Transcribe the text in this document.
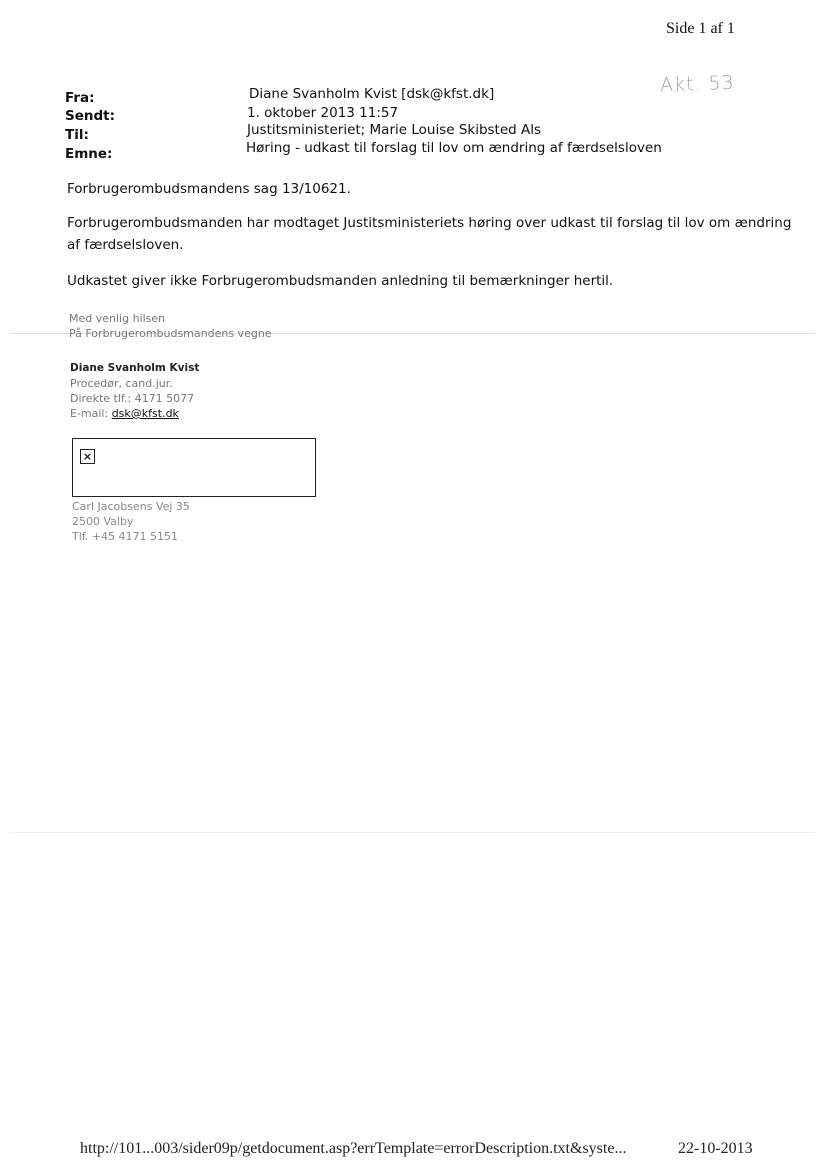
Side 1 af 1
Akt. 53
Fra:	Diane Svanholm Kvist [dsk@kfst.dk]
Sendt:	1. oktober 2013 11:57
Til:	Justitsministeriet; Marie Louise Skibsted Als
Emne:	Høring - udkast til forslag til lov om ændring af færdselsloven
Forbrugerombudsmandens sag 13/10621.
Forbrugerombudsmanden har modtaget Justitsministeriets høring over udkast til forslag til lov om ændring
af færdselsloven.
Udkastet giver ikke Forbrugerombudsmanden anledning til bemærkninger hertil.
Med venlig hilsen
På Forbrugerombudsmandens vegne
Diane Svanholm Kvist
Procedør, cand.jur.
Direkte tlf.: 4171 5077
E-mail: dsk@kfst.dk
×
Carl Jacobsens Vej 35
2500 Valby
Tlf. +45 4171 5151
http://101...003/sider09p/getdocument.asp?errTemplate=errorDescription.txt&syste...	22-10-2013
